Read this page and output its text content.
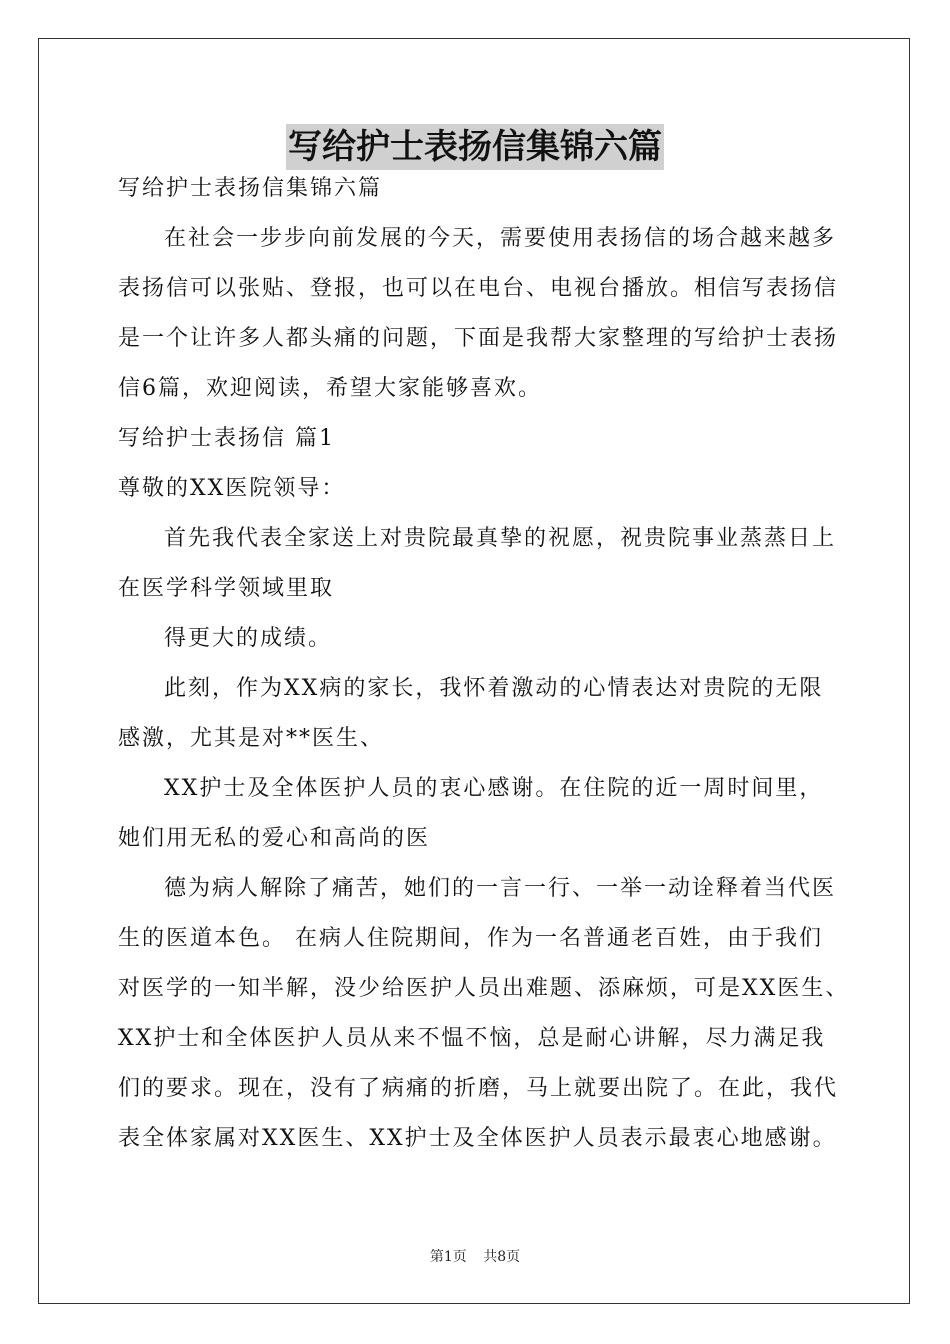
写给护士表扬信集锦六篇

写给护士表扬信集锦六篇

在社会一步步向前发展的今天，需要使用表扬信的场合越来越多

表扬信可以张贴、登报，也可以在电台、电视台播放。相信写表扬信

是一个让许多人都头痛的问题，下面是我帮大家整理的写给护士表扬

信6篇，欢迎阅读，希望大家能够喜欢。

写给护士表扬信 篇1

尊敬的XX医院领导：

首先我代表全家送上对贵院最真挚的祝愿，祝贵院事业蒸蒸日上

在医学科学领域里取

得更大的成绩。

此刻，作为XX病的家长，我怀着激动的心情表达对贵院的无限

感激，尤其是对**医生、

XX护士及全体医护人员的衷心感谢。在住院的近一周时间里，

她们用无私的爱心和高尚的医

德为病人解除了痛苦，她们的一言一行、一举一动诠释着当代医

生的医道本色。 在病人住院期间，作为一名普通老百姓，由于我们

对医学的一知半解，没少给医护人员出难题、添麻烦，可是XX医生、

XX护士和全体医护人员从来不愠不恼，总是耐心讲解，尽力满足我

们的要求。现在，没有了病痛的折磨，马上就要出院了。在此，我代

表全体家属对XX医生、XX护士及全体医护人员表示最衷心地感谢。

第1页 共8页
